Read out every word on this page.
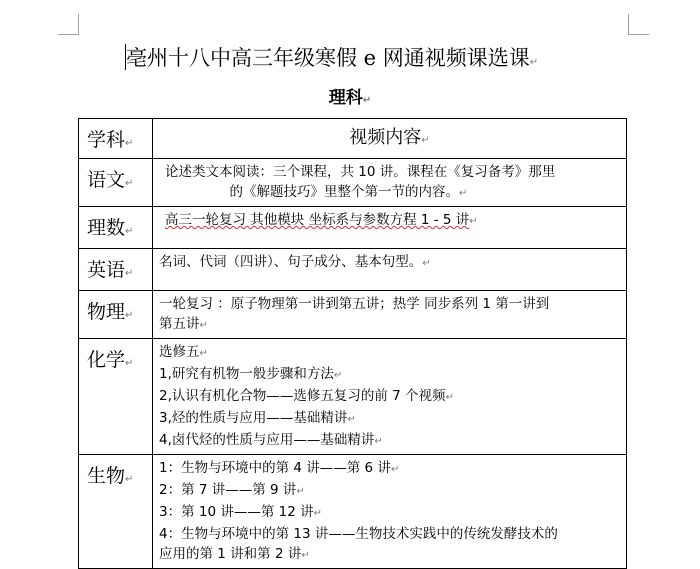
亳州十八中高三年级寒假 e 网通视频课选课↵
理科↵
学科↵	视频内容↵

语文↵	论述类文本阅读：三个课程，共 10 讲。课程在《复习备考》那里
的《解题技巧》里整个第一节的内容。↵

理数↵	高三一轮复习 其他模块 坐标系与参数方程 1 - 5 讲↵

英语↵	名词、代词（四讲）、句子成分、基本句型。↵

物理↵	一轮复习 ：原子物理第一讲到第五讲；热学 同步系列 1 第一讲到
第五讲↵

化学↵	选修五↵
1,研究有机物一般步骤和方法↵
2,认识有机化合物——选修五复习的前 7 个视频↵
3,烃的性质与应用——基础精讲↵
4,卤代烃的性质与应用——基础精讲↵

生物↵	1：生物与环境中的第 4 讲——第 6 讲↵
2：第 7 讲——第 9 讲↵
3：第 10 讲——第 12 讲↵
4：生物与环境中的第 13 讲——生物技术实践中的传统发酵技术的
应用的第 1 讲和第 2 讲↵
